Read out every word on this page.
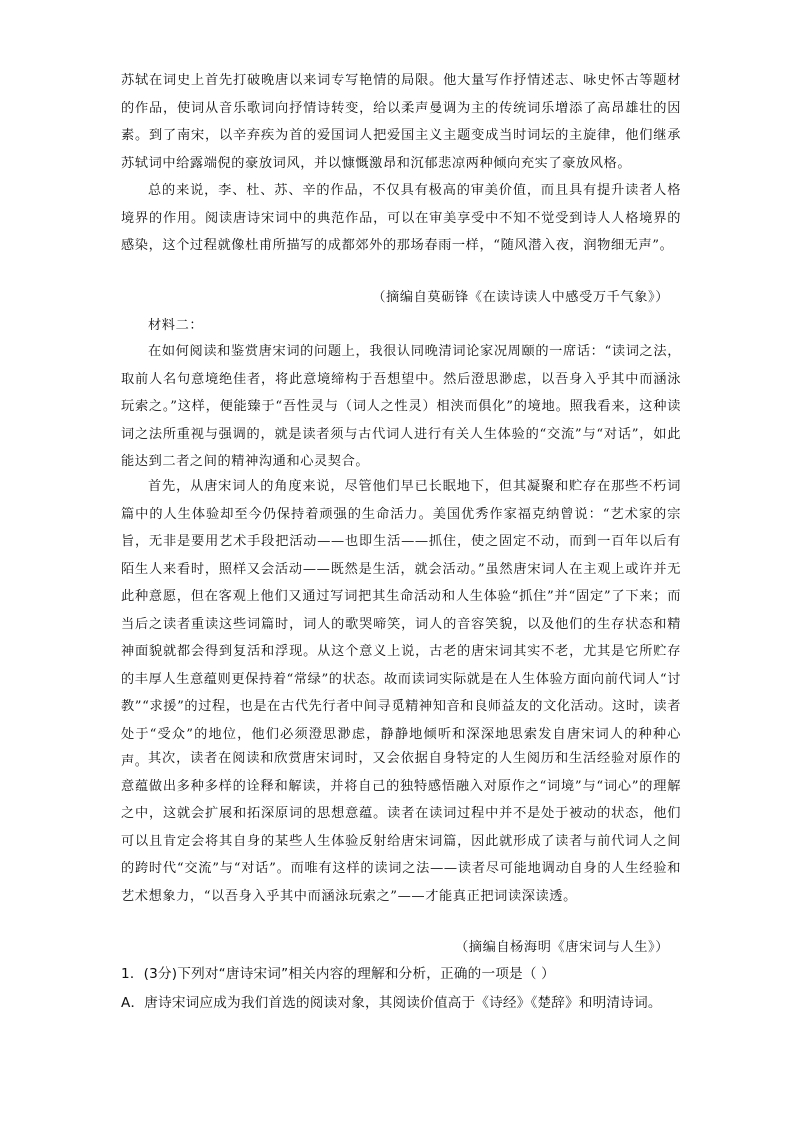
苏轼在词史上首先打破晚唐以来词专写艳情的局限。他大量写作抒情述志、咏史怀古等题材的作品，使词从音乐歌词向抒情诗转变，给以柔声曼调为主的传统词乐增添了高昂雄壮的因素。到了南宋，以辛弃疾为首的爱国词人把爱国主义主题变成当时词坛的主旋律，他们继承苏轼词中给露端倪的豪放词风，并以慷慨激昂和沉郁悲凉两种倾向充实了豪放风格。
总的来说，李、杜、苏、辛的作品，不仅具有极高的审美价值，而且具有提升读者人格境界的作用。阅读唐诗宋词中的典范作品，可以在审美享受中不知不觉受到诗人人格境界的感染，这个过程就像杜甫所描写的成都郊外的那场春雨一样，“随风潜入夜，润物细无声”。
（摘编自莫砺锋《在读诗读人中感受万千气象》）
材料二：
在如何阅读和鉴赏唐宋词的问题上，我很认同晚清词论家况周颐的一席话：“读词之法，取前人名句意境绝佳者，将此意境缔构于吾想望中。然后澄思渺虑，以吾身入乎其中而涵泳玩索之。”这样，便能臻于“吾性灵与（词人之性灵）相浃而俱化”的境地。照我看来，这种读词之法所重视与强调的，就是读者须与古代词人进行有关人生体验的“交流”与“对话”，如此能达到二者之间的精神沟通和心灵契合。
首先，从唐宋词人的角度来说，尽管他们早已长眠地下，但其凝聚和贮存在那些不朽词篇中的人生体验却至今仍保持着顽强的生命活力。美国优秀作家福克纳曾说：“艺术家的宗旨，无非是要用艺术手段把活动——也即生活——抓住，使之固定不动，而到一百年以后有陌生人来看时，照样又会活动——既然是生活，就会活动。”虽然唐宋词人在主观上或许并无此种意愿，但在客观上他们又通过写词把其生命活动和人生体验“抓住”并“固定”了下来；而当后之读者重读这些词篇时，词人的歌哭啼笑，词人的音容笑貌，以及他们的生存状态和精神面貌就都会得到复活和浮现。从这个意义上说，古老的唐宋词其实不老，尤其是它所贮存的丰厚人生意蕴则更保持着“常绿”的状态。故而读词实际就是在人生体验方面向前代词人“讨教”“求援”的过程，也是在古代先行者中间寻觅精神知音和良师益友的文化活动。这时，读者处于“受众”的地位，他们必须澄思渺虑，静静地倾听和深深地思索发自唐宋词人的种种心声。 其次，读者在阅读和欣赏唐宋词时，又会依据自身特定的人生阅历和生活经验对原作的意蕴做出多种多样的诠释和解读，并将自己的独特感悟融入对原作之“词境”与“词心”的理解之中，这就会扩展和拓深原词的思想意蕴。读者在读词过程中并不是处于被动的状态，他们可以且肯定会将其自身的某些人生体验反射给唐宋词篇，因此就形成了读者与前代词人之间的跨时代“交流”与“对话”。而唯有这样的读词之法——读者尽可能地调动自身的人生经验和艺术想象力，“以吾身入乎其中而涵泳玩索之”——才能真正把词读深读透。
（摘编自杨海明《唐宋词与人生》）
1．(3分)下列对“唐诗宋词”相关内容的理解和分析，正确的一项是（ ）
A．唐诗宋词应成为我们首选的阅读对象，其阅读价值高于《诗经》《楚辞》和明清诗词。
